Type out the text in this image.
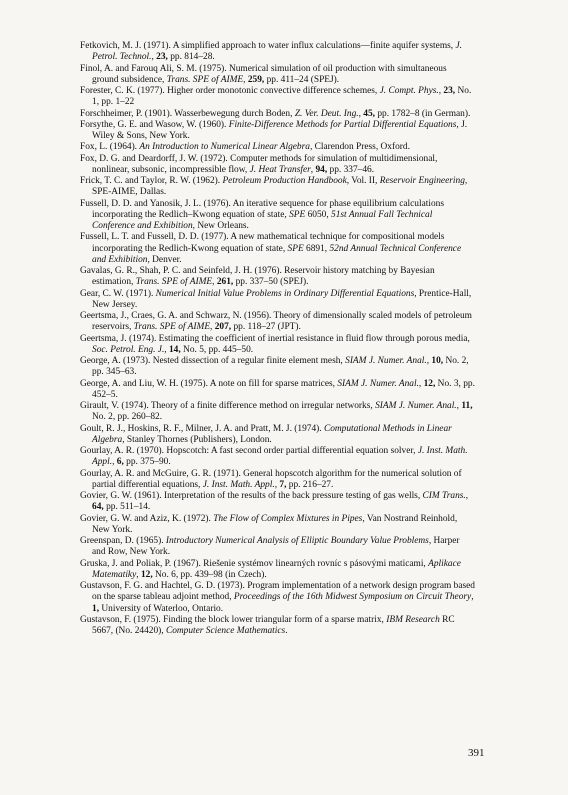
Fetkovich, M. J. (1971). A simplified approach to water influx calculations—finite aquifer systems, J. Petrol. Technol., 23, pp. 814–28.
Finol, A. and Farouq Ali, S. M. (1975). Numerical simulation of oil production with simultaneous ground subsidence, Trans. SPE of AIME, 259, pp. 411–24 (SPEJ).
Forester, C. K. (1977). Higher order monotonic convective difference schemes, J. Compt. Phys., 23, No. 1, pp. 1–22
Forschheimer, P. (1901). Wasserbewegung durch Boden, Z. Ver. Deut. Ing., 45, pp. 1782–8 (in German).
Forsythe, G. E. and Wasow, W. (1960). Finite-Difference Methods for Partial Differential Equations, J. Wiley & Sons, New York.
Fox, L. (1964). An Introduction to Numerical Linear Algebra, Clarendon Press, Oxford.
Fox, D. G. and Deardorff, J. W. (1972). Computer methods for simulation of multidimensional, nonlinear, subsonic, incompressible flow, J. Heat Transfer, 94, pp. 337–46.
Frick, T. C. and Taylor, R. W. (1962). Petroleum Production Handbook, Vol. II, Reservoir Engineering, SPE-AIME, Dallas.
Fussell, D. D. and Yanosik, J. L. (1976). An iterative sequence for phase equilibrium calculations incorporating the Redlich–Kwong equation of state, SPE 6050, 51st Annual Fall Technical Conference and Exhibition, New Orleans.
Fussell, L. T. and Fussell, D. D. (1977). A new mathematical technique for compositional models incorporating the Redlich-Kwong equation of state, SPE 6891, 52nd Annual Technical Conference and Exhibition, Denver.
Gavalas, G. R., Shah, P. C. and Seinfeld, J. H. (1976). Reservoir history matching by Bayesian estimation, Trans. SPE of AIME, 261, pp. 337–50 (SPEJ).
Gear, C. W. (1971). Numerical Initial Value Problems in Ordinary Differential Equations, Prentice-Hall, New Jersey.
Geertsma, J., Craes, G. A. and Schwarz, N. (1956). Theory of dimensionally scaled models of petroleum reservoirs, Trans. SPE of AIME, 207, pp. 118–27 (JPT).
Geertsma, J. (1974). Estimating the coefficient of inertial resistance in fluid flow through porous media, Soc. Petrol. Eng. J., 14, No. 5, pp. 445–50.
George, A. (1973). Nested dissection of a regular finite element mesh, SIAM J. Numer. Anal., 10, No. 2, pp. 345–63.
George, A. and Liu, W. H. (1975). A note on fill for sparse matrices, SIAM J. Numer. Anal., 12, No. 3, pp. 452–5.
Girault, V. (1974). Theory of a finite difference method on irregular networks, SIAM J. Numer. Anal., 11, No. 2, pp. 260–82.
Goult, R. J., Hoskins, R. F., Milner, J. A. and Pratt, M. J. (1974). Computational Methods in Linear Algebra, Stanley Thornes (Publishers), London.
Gourlay, A. R. (1970). Hopscotch: A fast second order partial differential equation solver, J. Inst. Math. Appl., 6, pp. 375–90.
Gourlay, A. R. and McGuire, G. R. (1971). General hopscotch algorithm for the numerical solution of partial differential equations, J. Inst. Math. Appl., 7, pp. 216–27.
Govier, G. W. (1961). Interpretation of the results of the back pressure testing of gas wells, CIM Trans., 64, pp. 511–14.
Govier, G. W. and Aziz, K. (1972). The Flow of Complex Mixtures in Pipes, Van Nostrand Reinhold, New York.
Greenspan, D. (1965). Introductory Numerical Analysis of Elliptic Boundary Value Problems, Harper and Row, New York.
Gruska, J. and Poliak, P. (1967). Riešenie systémov linearných rovníc s pásovými maticami, Aplikace Matematiky, 12, No. 6, pp. 439–98 (in Czech).
Gustavson, F. G. and Hachtel, G. D. (1973). Program implementation of a network design program based on the sparse tableau adjoint method, Proceedings of the 16th Midwest Symposium on Circuit Theory, 1, University of Waterloo, Ontario.
Gustavson, F. (1975). Finding the block lower triangular form of a sparse matrix, IBM Research RC 5667, (No. 24420), Computer Science Mathematics.
391
